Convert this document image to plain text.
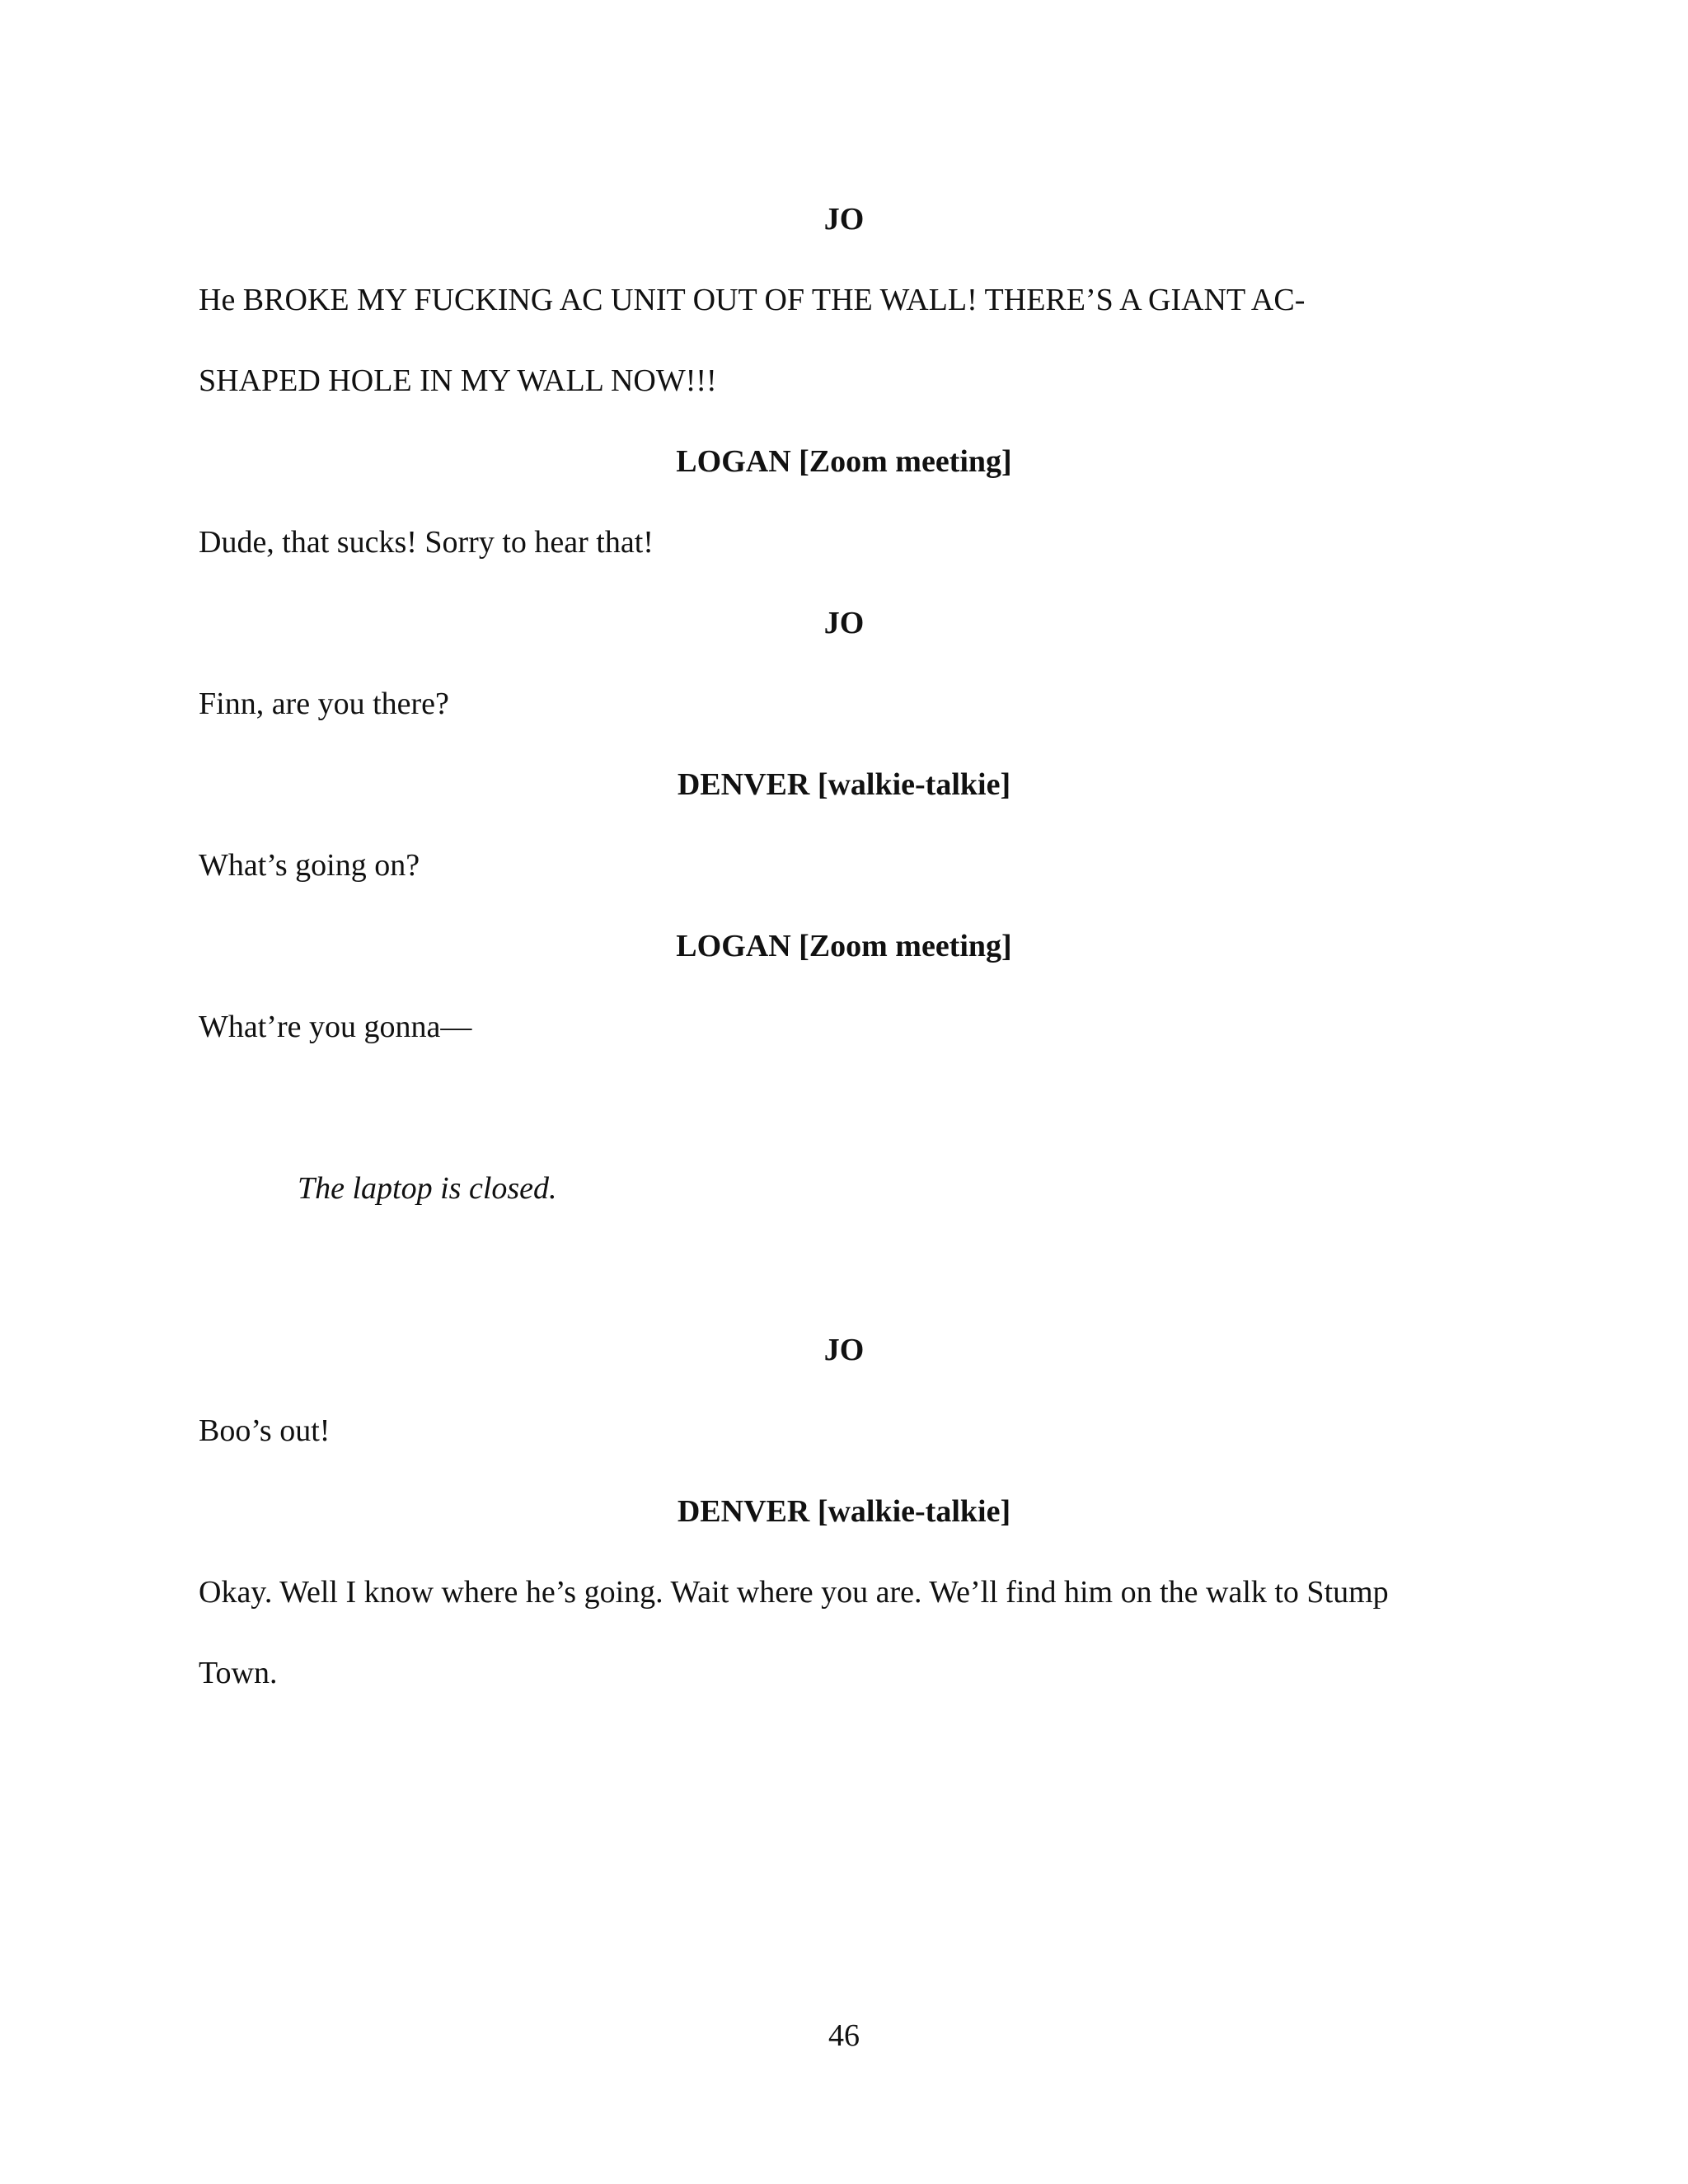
JO
He BROKE MY FUCKING AC UNIT OUT OF THE WALL! THERE’S A GIANT AC-
SHAPED HOLE IN MY WALL NOW!!!
LOGAN [Zoom meeting]
Dude, that sucks! Sorry to hear that!
JO
Finn, are you there?
DENVER [walkie-talkie]
What’s going on?
LOGAN [Zoom meeting]
What’re you gonna—
The laptop is closed.
JO
Boo’s out!
DENVER [walkie-talkie]
Okay. Well I know where he’s going. Wait where you are. We’ll find him on the walk to Stump
Town.
46
